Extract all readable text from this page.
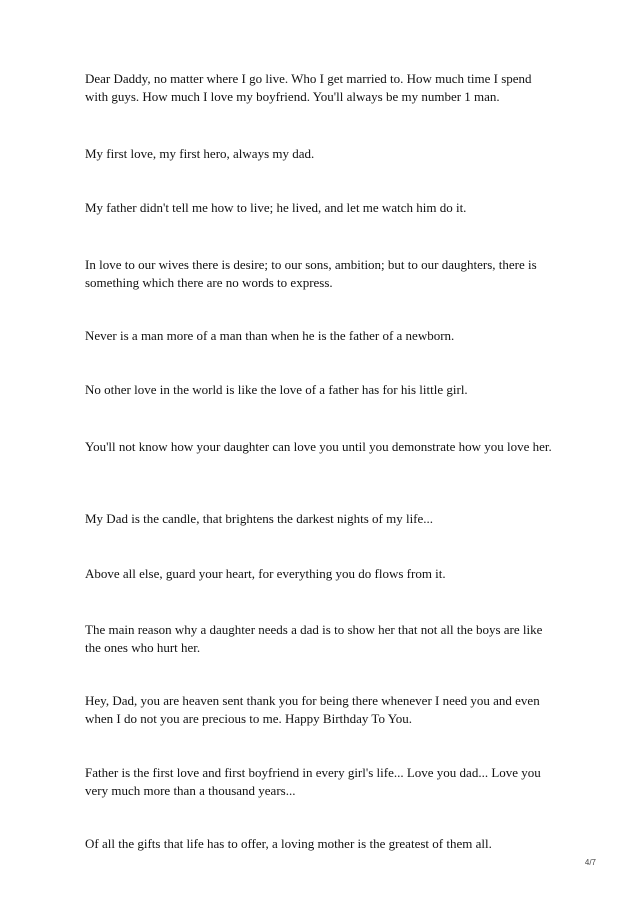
Dear Daddy, no matter where I go live. Who I get married to. How much time I spend with guys. How much I love my boyfriend. You'll always be my number 1 man.

My first love, my first hero, always my dad.

My father didn't tell me how to live; he lived, and let me watch him do it.

In love to our wives there is desire; to our sons, ambition; but to our daughters, there is something which there are no words to express.

Never is a man more of a man than when he is the father of a newborn.

No other love in the world is like the love of a father has for his little girl.

You'll not know how your daughter can love you until you demonstrate how you love her.

My Dad is the candle, that brightens the darkest nights of my life...

Above all else, guard your heart, for everything you do flows from it.

The main reason why a daughter needs a dad is to show her that not all the boys are like the ones who hurt her.

Hey, Dad, you are heaven sent thank you for being there whenever I need you and even when I do not you are precious to me. Happy Birthday To You.

Father is the first love and first boyfriend in every girl's life... Love you dad... Love you very much more than a thousand years...

Of all the gifts that life has to offer, a loving mother is the greatest of them all.

4/7
